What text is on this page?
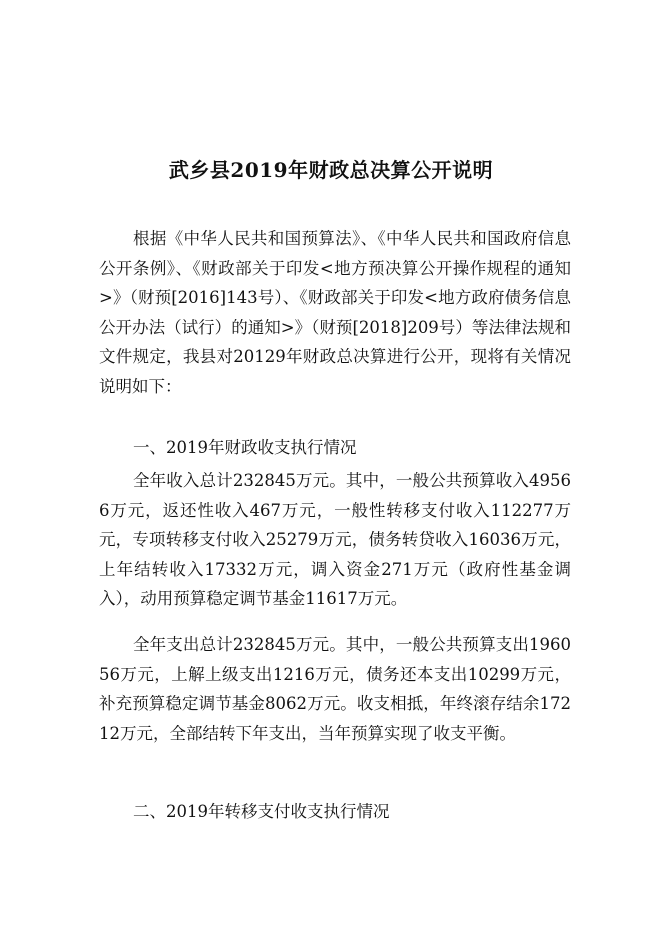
武乡县2019年财政总决算公开说明

根据《中华人民共和国预算法》、《中华人民共和国政府信息公开条例》、《财政部关于印发<地方预决算公开操作规程的通知>》（财预[2016]143号）、《财政部关于印发<地方政府债务信息公开办法（试行）的通知>》（财预[2018]209号）等法律法规和文件规定，我县对20129年财政总决算进行公开，现将有关情况说明如下：

一、2019年财政收支执行情况

全年收入总计232845万元。其中，一般公共预算收入49566万元，返还性收入467万元，一般性转移支付收入112277万元，专项转移支付收入25279万元，债务转贷收入16036万元，上年结转收入17332万元，调入资金271万元（政府性基金调入），动用预算稳定调节基金11617万元。

全年支出总计232845万元。其中，一般公共预算支出196056万元，上解上级支出1216万元，债务还本支出10299万元，补充预算稳定调节基金8062万元。收支相抵，年终滚存结余17212万元，全部结转下年支出，当年预算实现了收支平衡。

二、2019年转移支付收支执行情况
